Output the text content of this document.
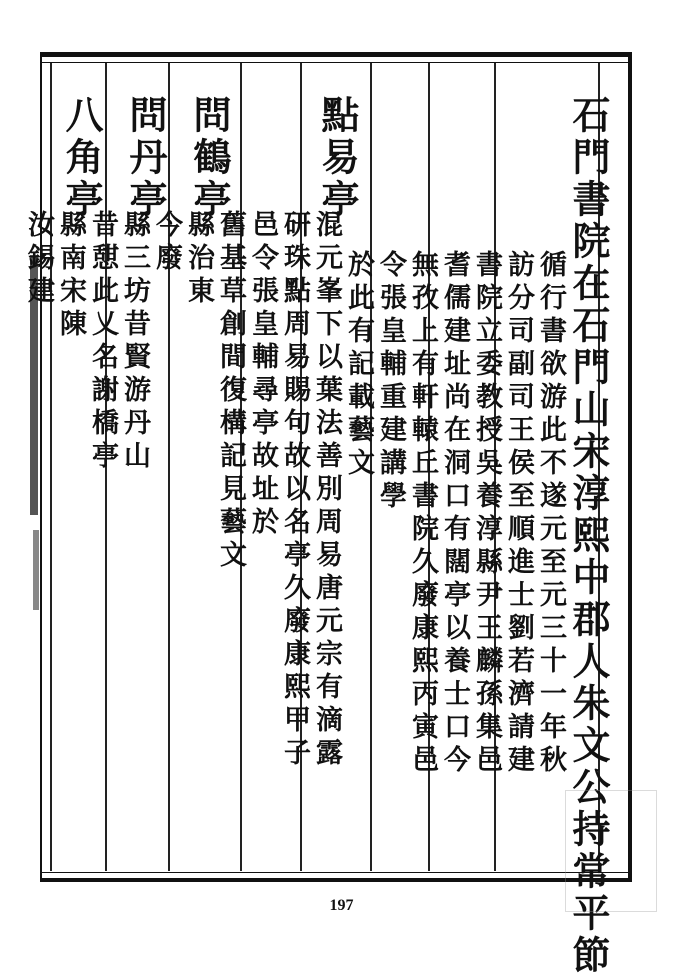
石門書院在石門山宋淳熙中郡人朱文公持常平節
循行書欲游此不遂元至元三十一年秋
訪分司副司王侯至順進士劉若濟請建
書院立委教授吳養淳縣尹王麟孫集邑
耆儒建址尚在洞口有闊亭以養士口今
無孜上有軒轅丘書院久廢康熙丙寅邑
令張皇輔重建講學
於此有記載藝文
點易亭
混元峯下以葉法善別周易唐元宗有滴露
研珠點周易賜句故以名亭久廢康熙甲子
邑令張皇輔尋亭故址於
舊基草創間復構記見藝文
問鶴亭
縣治東
今廢
問丹亭
縣三坊昔賢游丹山
昔憇此乂名謝橋亭
八角亭
縣南宋陳
汝錫建
197
